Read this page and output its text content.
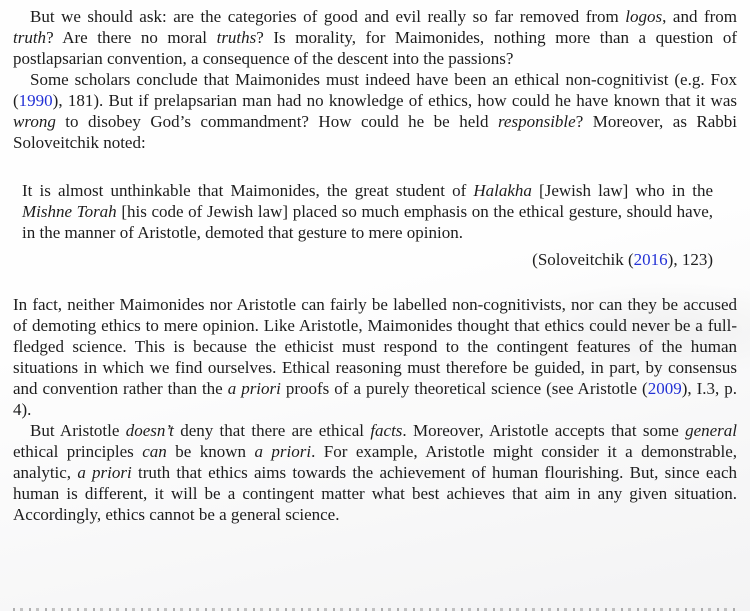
But we should ask: are the categories of good and evil really so far removed from logos, and from truth? Are there no moral truths? Is morality, for Maimonides, nothing more than a question of postlapsarian convention, a consequence of the descent into the passions?

Some scholars conclude that Maimonides must indeed have been an ethical non-cognitivist (e.g. Fox (1990), 181). But if prelapsarian man had no knowledge of ethics, how could he have known that it was wrong to disobey God’s commandment? How could he be held responsible? Moreover, as Rabbi Soloveitchik noted:

It is almost unthinkable that Maimonides, the great student of Halakha [Jewish law] who in the Mishne Torah [his code of Jewish law] placed so much emphasis on the ethical gesture, should have, in the manner of Aristotle, demoted that gesture to mere opinion.
(Soloveitchik (2016), 123)

In fact, neither Maimonides nor Aristotle can fairly be labelled non-cognitivists, nor can they be accused of demoting ethics to mere opinion. Like Aristotle, Maimonides thought that ethics could never be a full-fledged science. This is because the ethicist must respond to the contingent features of the human situations in which we find ourselves. Ethical reasoning must therefore be guided, in part, by consensus and convention rather than the a priori proofs of a purely theoretical science (see Aristotle (2009), I.3, p. 4).

But Aristotle doesn’t deny that there are ethical facts. Moreover, Aristotle accepts that some general ethical principles can be known a priori. For example, Aristotle might consider it a demonstrable, analytic, a priori truth that ethics aims towards the achievement of human flourishing. But, since each human is different, it will be a contingent matter what best achieves that aim in any given situation. Accordingly, ethics cannot be a general science.
